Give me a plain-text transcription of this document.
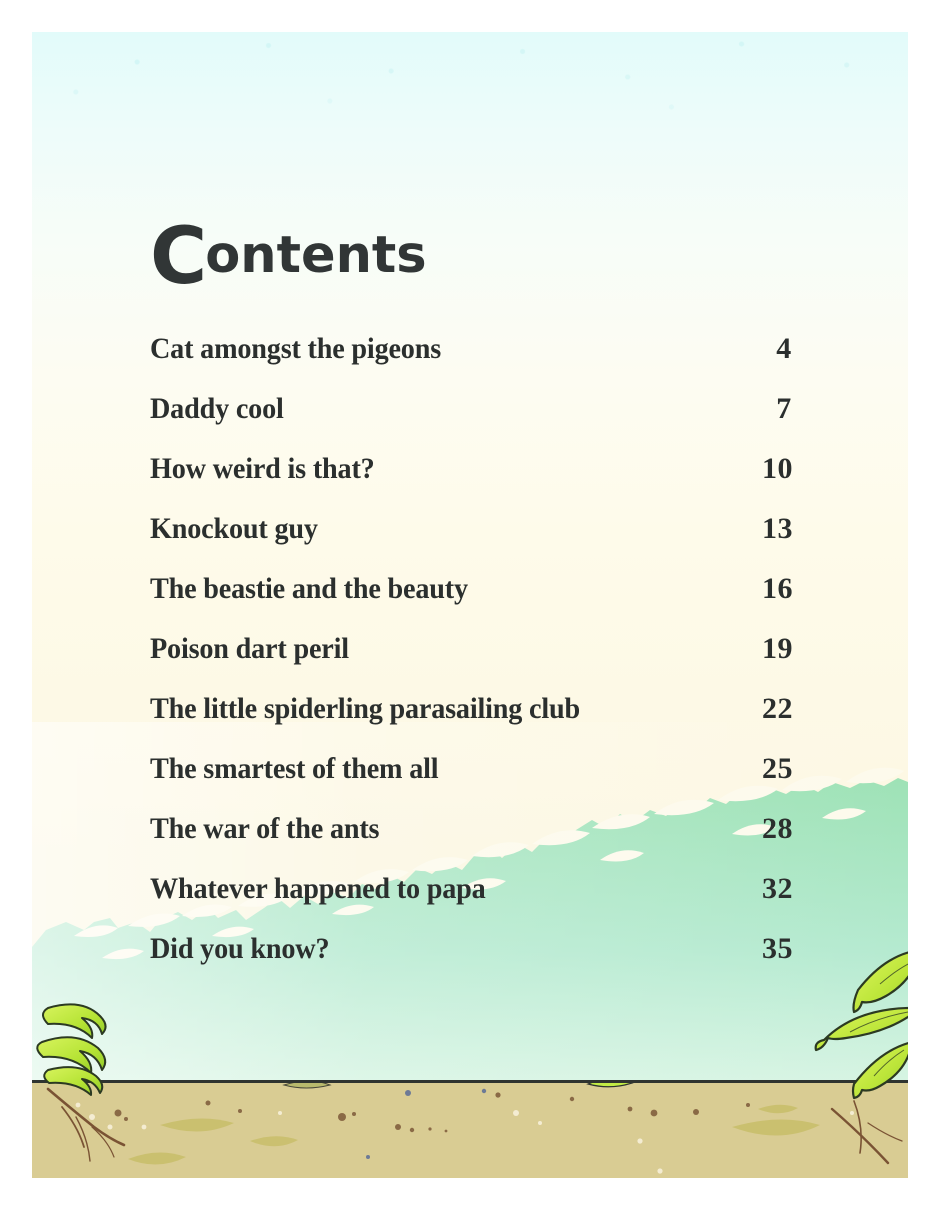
Contents
Cat amongst the pigeons	4
Daddy cool	7
How weird is that?	10
Knockout guy	13
The beastie and the beauty	16
Poison dart peril	19
The little spiderling parasailing club	22
The smartest of them all	25
The war of the ants	28
Whatever happened to papa	32
Did you know?	35
